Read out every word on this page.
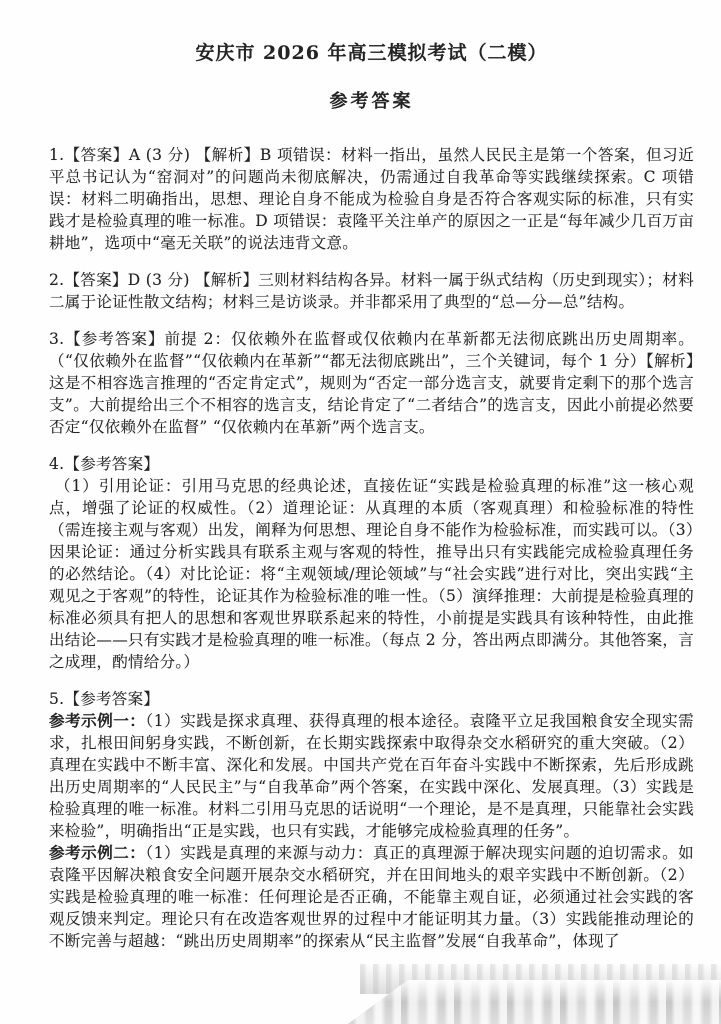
安庆市 2026 年高三模拟考试（二模）
参考答案

1.【答案】A (3 分) 【解析】B 项错误：材料一指出，虽然人民民主是第一个答案，但习近平总书记认为“窑洞对”的问题尚未彻底解决，仍需通过自我革命等实践继续探索。C 项错误：材料二明确指出，思想、理论自身不能成为检验自身是否符合客观实际的标准，只有实践才是检验真理的唯一标准。D 项错误：袁隆平关注单产的原因之一正是“每年减少几百万亩耕地”，选项中“毫无关联”的说法违背文意。

2.【答案】D (3 分) 【解析】三则材料结构各异。材料一属于纵式结构（历史到现实）；材料二属于论证性散文结构；材料三是访谈录。并非都采用了典型的“总—分—总”结构。

3.【参考答案】前提 2：仅依赖外在监督或仅依赖内在革新都无法彻底跳出历史周期率。（“仅依赖外在监督”“仅依赖内在革新”“都无法彻底跳出”，三个关键词，每个 1 分）【解析】这是不相容选言推理的“否定肯定式”，规则为“否定一部分选言支，就要肯定剩下的那个选言支”。大前提给出三个不相容的选言支，结论肯定了“二者结合”的选言支，因此小前提必然要否定“仅依赖外在监督” “仅依赖内在革新”两个选言支。

4.【参考答案】
（1）引用论证：引用马克思的经典论述，直接佐证“实践是检验真理的标准”这一核心观点，增强了论证的权威性。（2）道理论证：从真理的本质（客观真理）和检验标准的特性（需连接主观与客观）出发，阐释为何思想、理论自身不能作为检验标准，而实践可以。（3）因果论证：通过分析实践具有联系主观与客观的特性，推导出只有实践能完成检验真理任务的必然结论。（4）对比论证：将“主观领域/理论领域”与“社会实践”进行对比，突出实践“主观见之于客观”的特性，论证其作为检验标准的唯一性。（5）演绎推理：大前提是检验真理的标准必须具有把人的思想和客观世界联系起来的特性，小前提是实践具有该种特性，由此推出结论——只有实践才是检验真理的唯一标准。（每点 2 分，答出两点即满分。其他答案，言之成理，酌情给分。）
5.【参考答案】

参考示例一：（1）实践是探求真理、获得真理的根本途径。袁隆平立足我国粮食安全现实需求，扎根田间躬身实践，不断创新，在长期实践探索中取得杂交水稻研究的重大突破。（2）真理在实践中不断丰富、深化和发展。中国共产党在百年奋斗实践中不断探索，先后形成跳出历史周期率的“人民民主”与“自我革命”两个答案，在实践中深化、发展真理。（3）实践是检验真理的唯一标准。材料二引用马克思的话说明“一个理论，是不是真理，只能靠社会实践来检验”，明确指出“正是实践，也只有实践，才能够完成检验真理的任务”。

参考示例二：（1）实践是真理的来源与动力：真正的真理源于解决现实问题的迫切需求。如袁隆平因解决粮食安全问题开展杂交水稻研究，并在田间地头的艰辛实践中不断创新。（2）实践是检验真理的唯一标准：任何理论是否正确，不能靠主观自证，必须通过社会实践的客观反馈来判定。理论只有在改造客观世界的过程中才能证明其力量。（3）实践能推动理论的不断完善与超越：“跳出历史周期率”的探索从“民主监督”发展“自我革命”，体现了
